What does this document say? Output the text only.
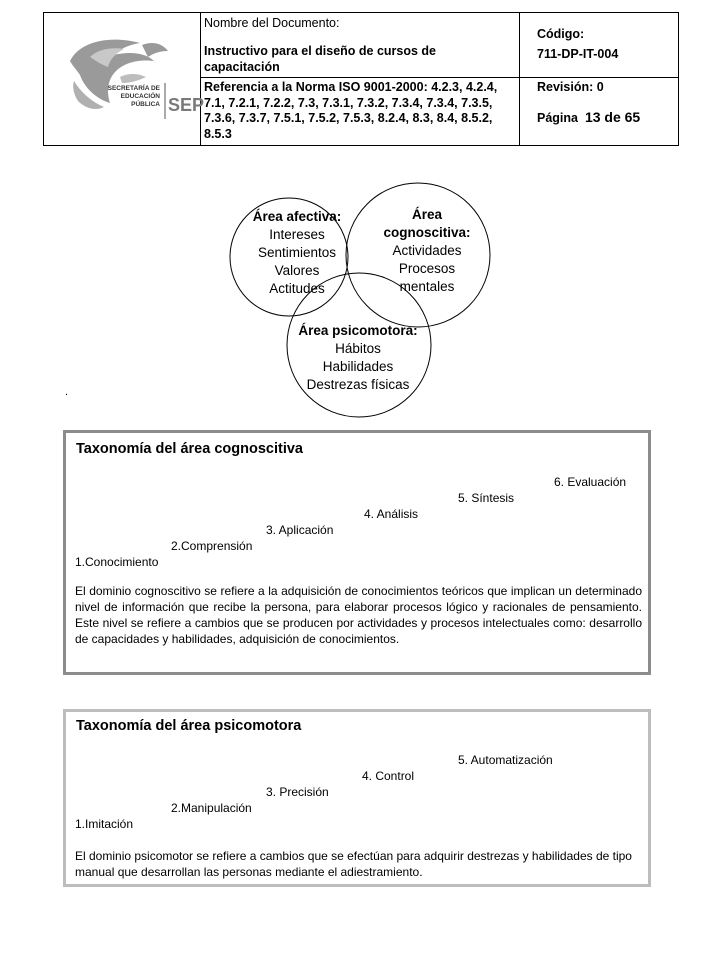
SECRETARÍA DE
EDUCACIÓN
PÚBLICA SEP
Nombre del Documento:
Instructivo para el diseño de cursos de capacitación
Referencia a la Norma ISO 9001-2000: 4.2.3, 4.2.4, 7.1, 7.2.1, 7.2.2, 7.3, 7.3.1, 7.3.2, 7.3.4, 7.3.4, 7.3.5, 7.3.6, 7.3.7, 7.5.1, 7.5.2, 7.5.3, 8.2.4, 8.3, 8.4, 8.5.2, 8.5.3
Código:
711-DP-IT-004
Revisión: 0
Página 13 de 65
Área afectiva:
Intereses
Sentimientos
Valores
Actitudes
Área
cognoscitiva:
Actividades
Procesos
mentales
Área psicomotora:
Hábitos
Habilidades
Destrezas físicas
.
Taxonomía del área cognoscitiva
6. Evaluación
5. Síntesis
4. Análisis
3. Aplicación
2.Comprensión
1.Conocimiento
El dominio cognoscitivo se refiere a la adquisición de conocimientos teóricos que implican un determinado nivel de información que recibe la persona, para elaborar procesos lógico y racionales de pensamiento. Este nivel se refiere a cambios que se producen por actividades y procesos intelectuales como: desarrollo de capacidades y habilidades, adquisición de conocimientos.
Taxonomía del área psicomotora
5. Automatización
4. Control
3. Precisión
2.Manipulación
1.Imitación
El dominio psicomotor se refiere a cambios que se efectúan para adquirir destrezas y habilidades de tipo manual que desarrollan las personas mediante el adiestramiento.
